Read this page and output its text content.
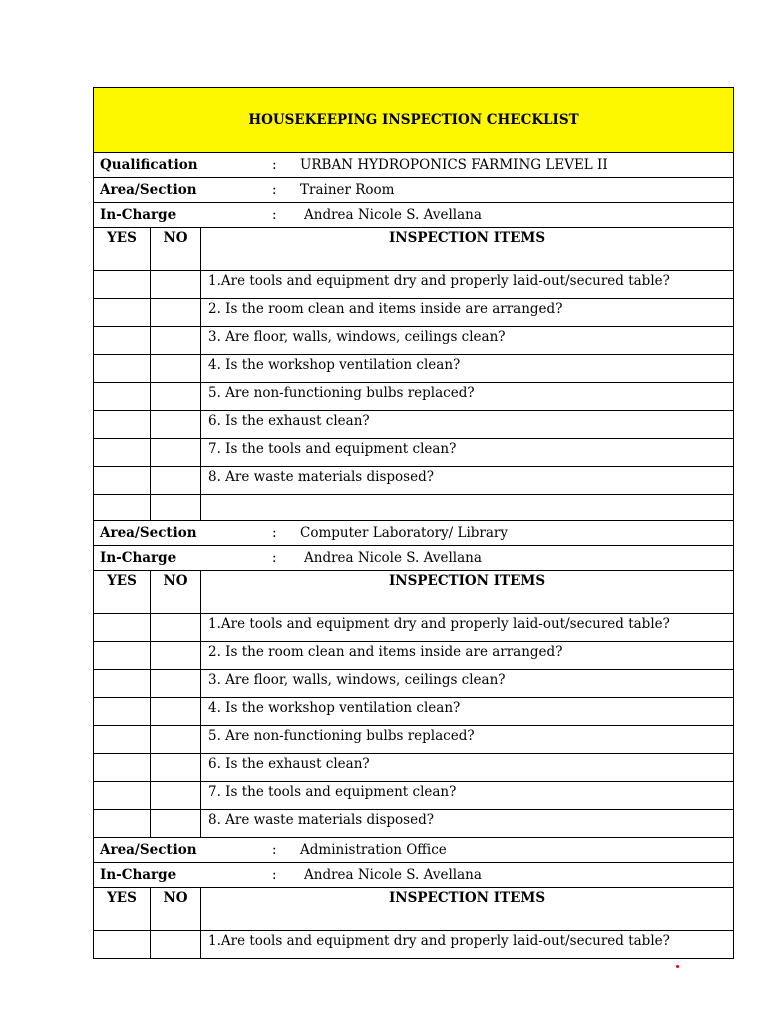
HOUSEKEEPING INSPECTION CHECKLIST		
Qualification : URBAN HYDROPONICS FARMING LEVEL II		
Area/Section : Trainer Room		
In-Charge : Andrea Nicole S. Avellana		
YES	NO	INSPECTION ITEMS
		1.Are tools and equipment dry and properly laid-out/secured table?
		2. Is the room clean and items inside are arranged?
		3. Are floor, walls, windows, ceilings clean?
		4. Is the workshop ventilation clean?
		5. Are non-functioning bulbs replaced?
		6. Is the exhaust clean?
		7. Is the tools and equipment clean?
		8. Are waste materials disposed?

Area/Section : Computer Laboratory/ Library		
In-Charge : Andrea Nicole S. Avellana		
YES	NO	INSPECTION ITEMS
		1.Are tools and equipment dry and properly laid-out/secured table?
		2. Is the room clean and items inside are arranged?
		3. Are floor, walls, windows, ceilings clean?
		4. Is the workshop ventilation clean?
		5. Are non-functioning bulbs replaced?
		6. Is the exhaust clean?
		7. Is the tools and equipment clean?
		8. Are waste materials disposed?
Area/Section : Administration Office		
In-Charge : Andrea Nicole S. Avellana		
YES	NO	INSPECTION ITEMS
		1.Are tools and equipment dry and properly laid-out/secured table?
